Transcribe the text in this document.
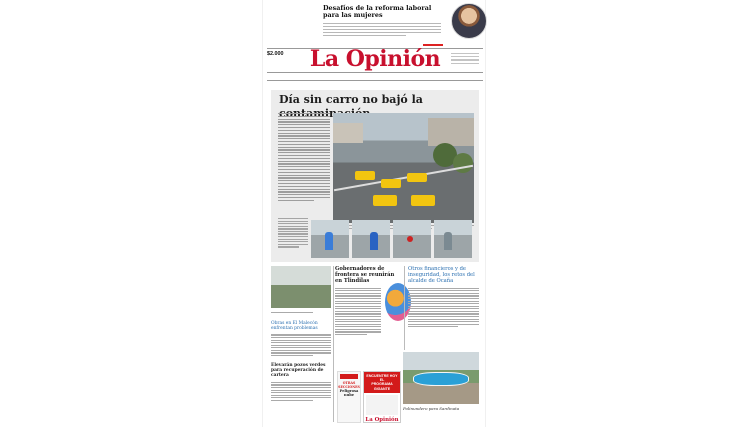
Desafíos de la reforma laboral para las mujeres
$2.000	La Opinión
Día sin carro no bajó la
Obras en El Malecón enfrentan problemas
Elevarán pozos verdes para recuperación de cartera
Gobernadores de frontera se reunirán en Tlindilas
OTRAS SECCIONES
Peligrosa nube
ENCUENTRE HOY EL
PROGRAMA GIGANTE
La Opinión
Otros financieros y de inseguridad, los retos del alcalde de Ocaña
Polinundero para Sardinata
